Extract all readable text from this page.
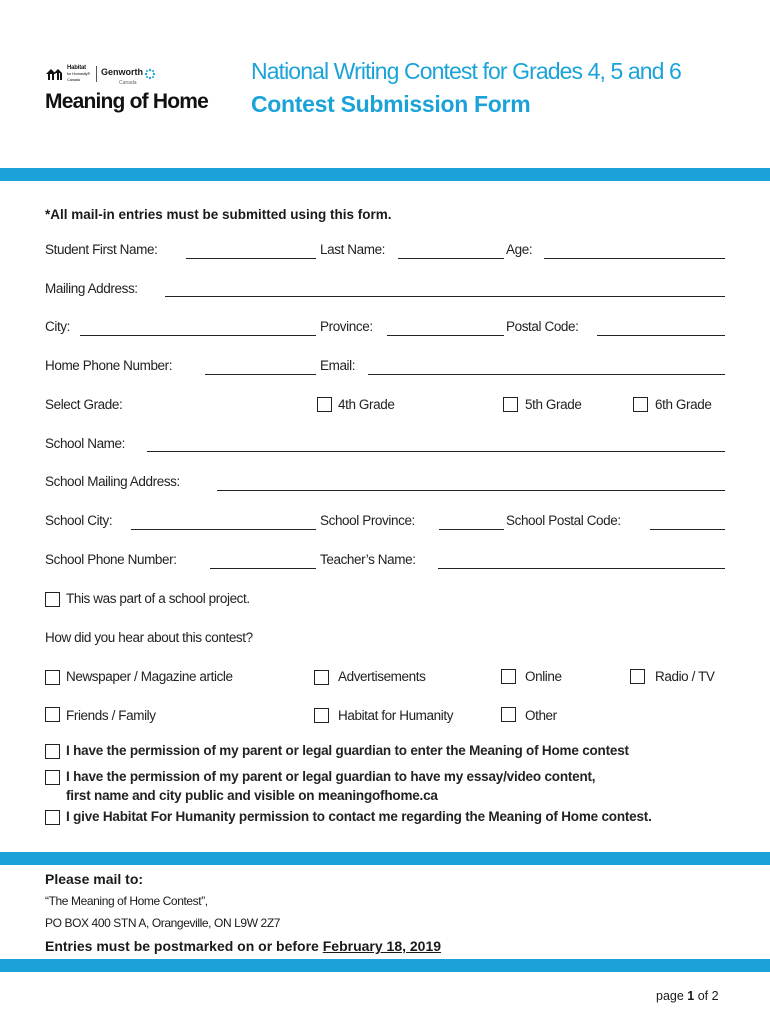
Habitat
for Humanity®
Canada
Genworth
Canada
Meaning of Home
National Writing Contest for Grades 4, 5 and 6
Contest Submission Form
*All mail-in entries must be submitted using this form.
Student First Name:	Last Name:	Age:
Mailing Address:
City:	Province:	Postal Code:
Home Phone Number:	Email:
Select Grade:	4th Grade	5th Grade	6th Grade
School Name:
School Mailing Address:
School City:	School Province:	School Postal Code:
School Phone Number:	Teacher’s Name:
This was part of a school project.
How did you hear about this contest?
Newspaper / Magazine article	Advertisements	Online	Radio / TV
Friends / Family	Habitat for Humanity	Other
I have the permission of my parent or legal guardian to enter the Meaning of Home contest
I have the permission of my parent or legal guardian to have my essay/video content,
first name and city public and visible on meaningofhome.ca
I give Habitat For Humanity permission to contact me regarding the Meaning of Home contest.
Please mail to:
“The Meaning of Home Contest”,
PO BOX 400 STN A, Orangeville, ON L9W 2Z7
Entries must be postmarked on or before February 18, 2019
page 1 of 2
